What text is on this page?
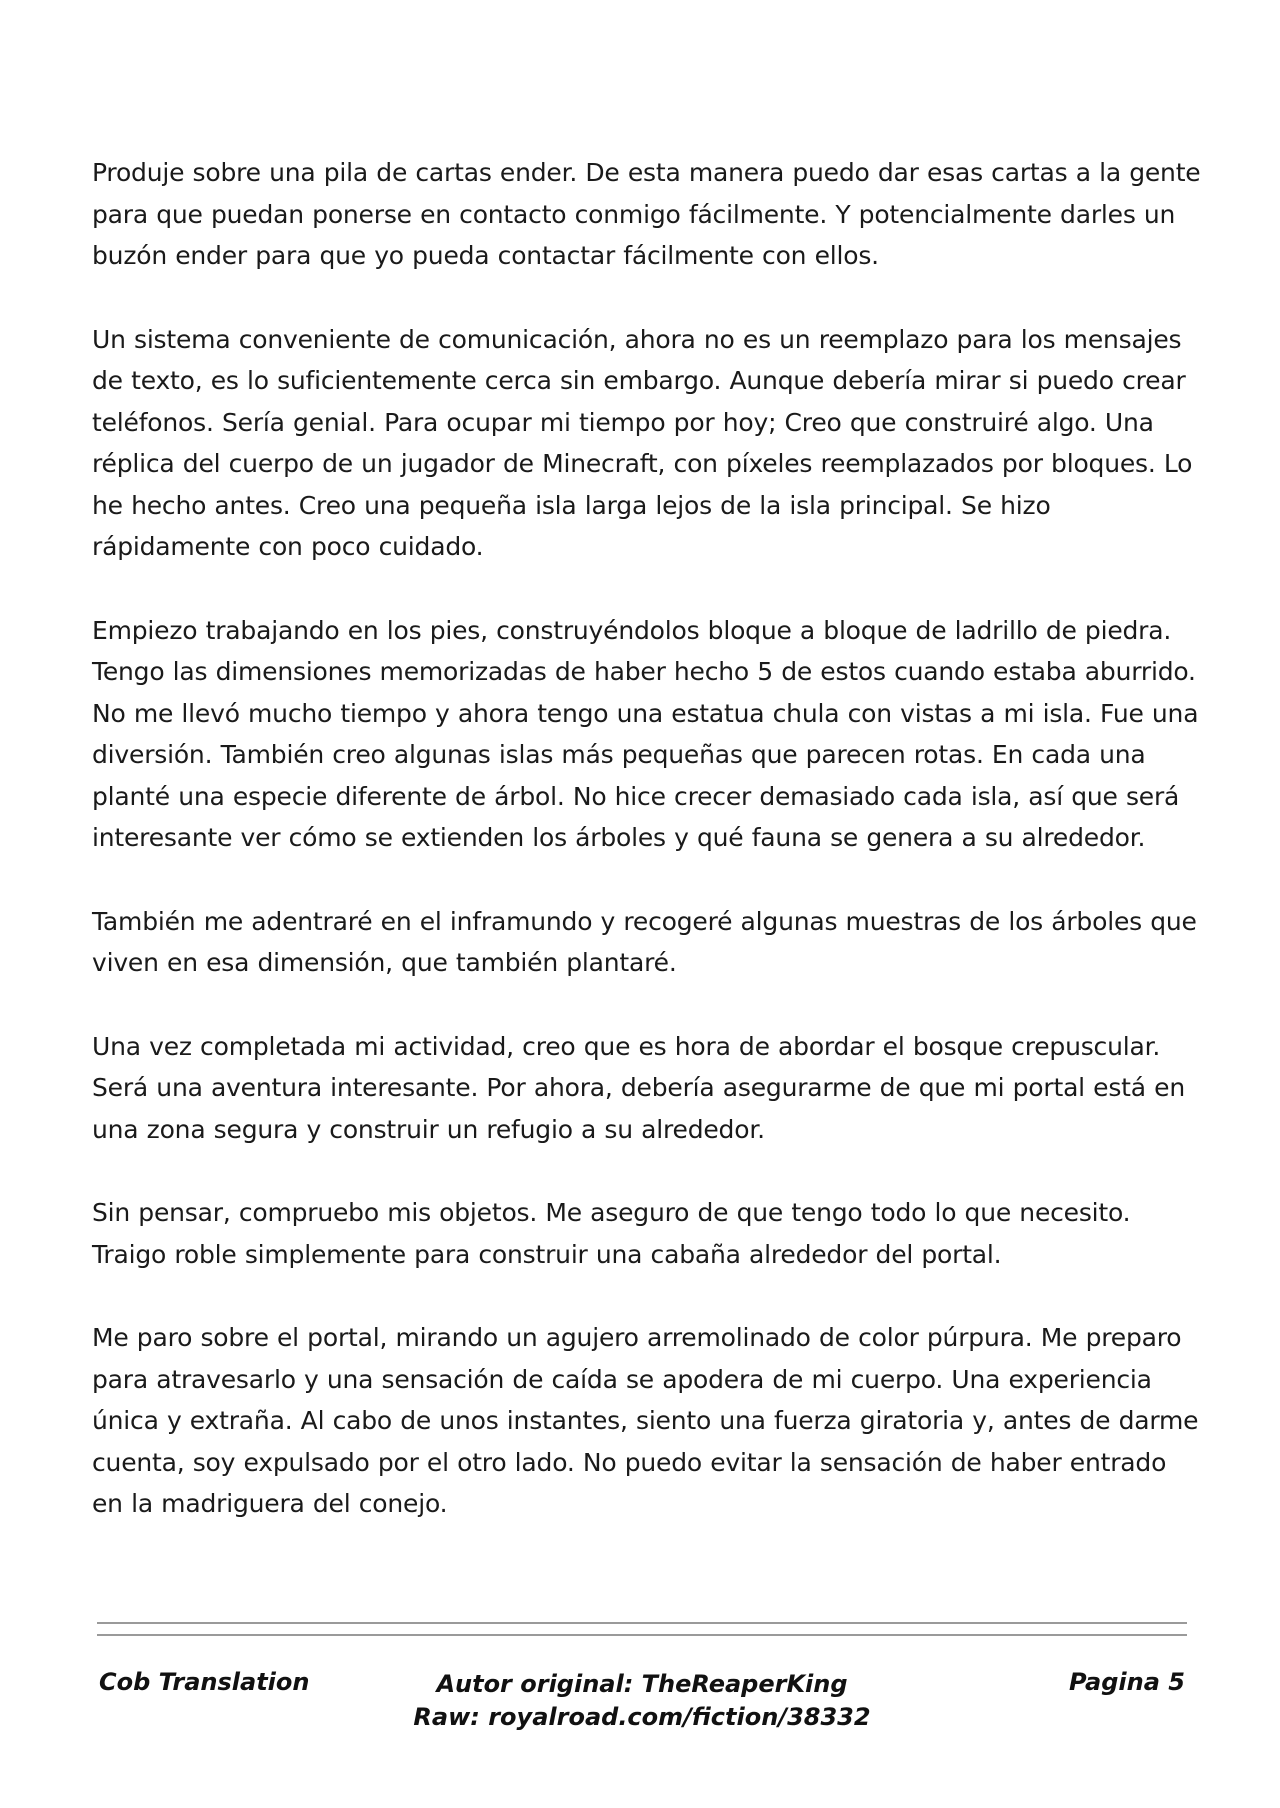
Produje sobre una pila de cartas ender. De esta manera puedo dar esas cartas a la gente para que puedan ponerse en contacto conmigo fácilmente. Y potencialmente darles un buzón ender para que yo pueda contactar fácilmente con ellos.

Un sistema conveniente de comunicación, ahora no es un reemplazo para los mensajes de texto, es lo suficientemente cerca sin embargo. Aunque debería mirar si puedo crear teléfonos. Sería genial. Para ocupar mi tiempo por hoy; Creo que construiré algo. Una réplica del cuerpo de un jugador de Minecraft, con píxeles reemplazados por bloques. Lo he hecho antes. Creo una pequeña isla larga lejos de la isla principal. Se hizo rápidamente con poco cuidado.

Empiezo trabajando en los pies, construyéndolos bloque a bloque de ladrillo de piedra. Tengo las dimensiones memorizadas de haber hecho 5 de estos cuando estaba aburrido. No me llevó mucho tiempo y ahora tengo una estatua chula con vistas a mi isla. Fue una diversión. También creo algunas islas más pequeñas que parecen rotas. En cada una planté una especie diferente de árbol. No hice crecer demasiado cada isla, así que será interesante ver cómo se extienden los árboles y qué fauna se genera a su alrededor.

También me adentraré en el inframundo y recogeré algunas muestras de los árboles que viven en esa dimensión, que también plantaré.

Una vez completada mi actividad, creo que es hora de abordar el bosque crepuscular. Será una aventura interesante. Por ahora, debería asegurarme de que mi portal está en una zona segura y construir un refugio a su alrededor.

Sin pensar, compruebo mis objetos. Me aseguro de que tengo todo lo que necesito. Traigo roble simplemente para construir una cabaña alrededor del portal.

Me paro sobre el portal, mirando un agujero arremolinado de color púrpura. Me preparo para atravesarlo y una sensación de caída se apodera de mi cuerpo. Una experiencia única y extraña. Al cabo de unos instantes, siento una fuerza giratoria y, antes de darme cuenta, soy expulsado por el otro lado. No puedo evitar la sensación de haber entrado en la madriguera del conejo.

Cob Translation	Autor original: TheReaperKing
Raw: royalroad.com/fiction/38332
Pagina 5
